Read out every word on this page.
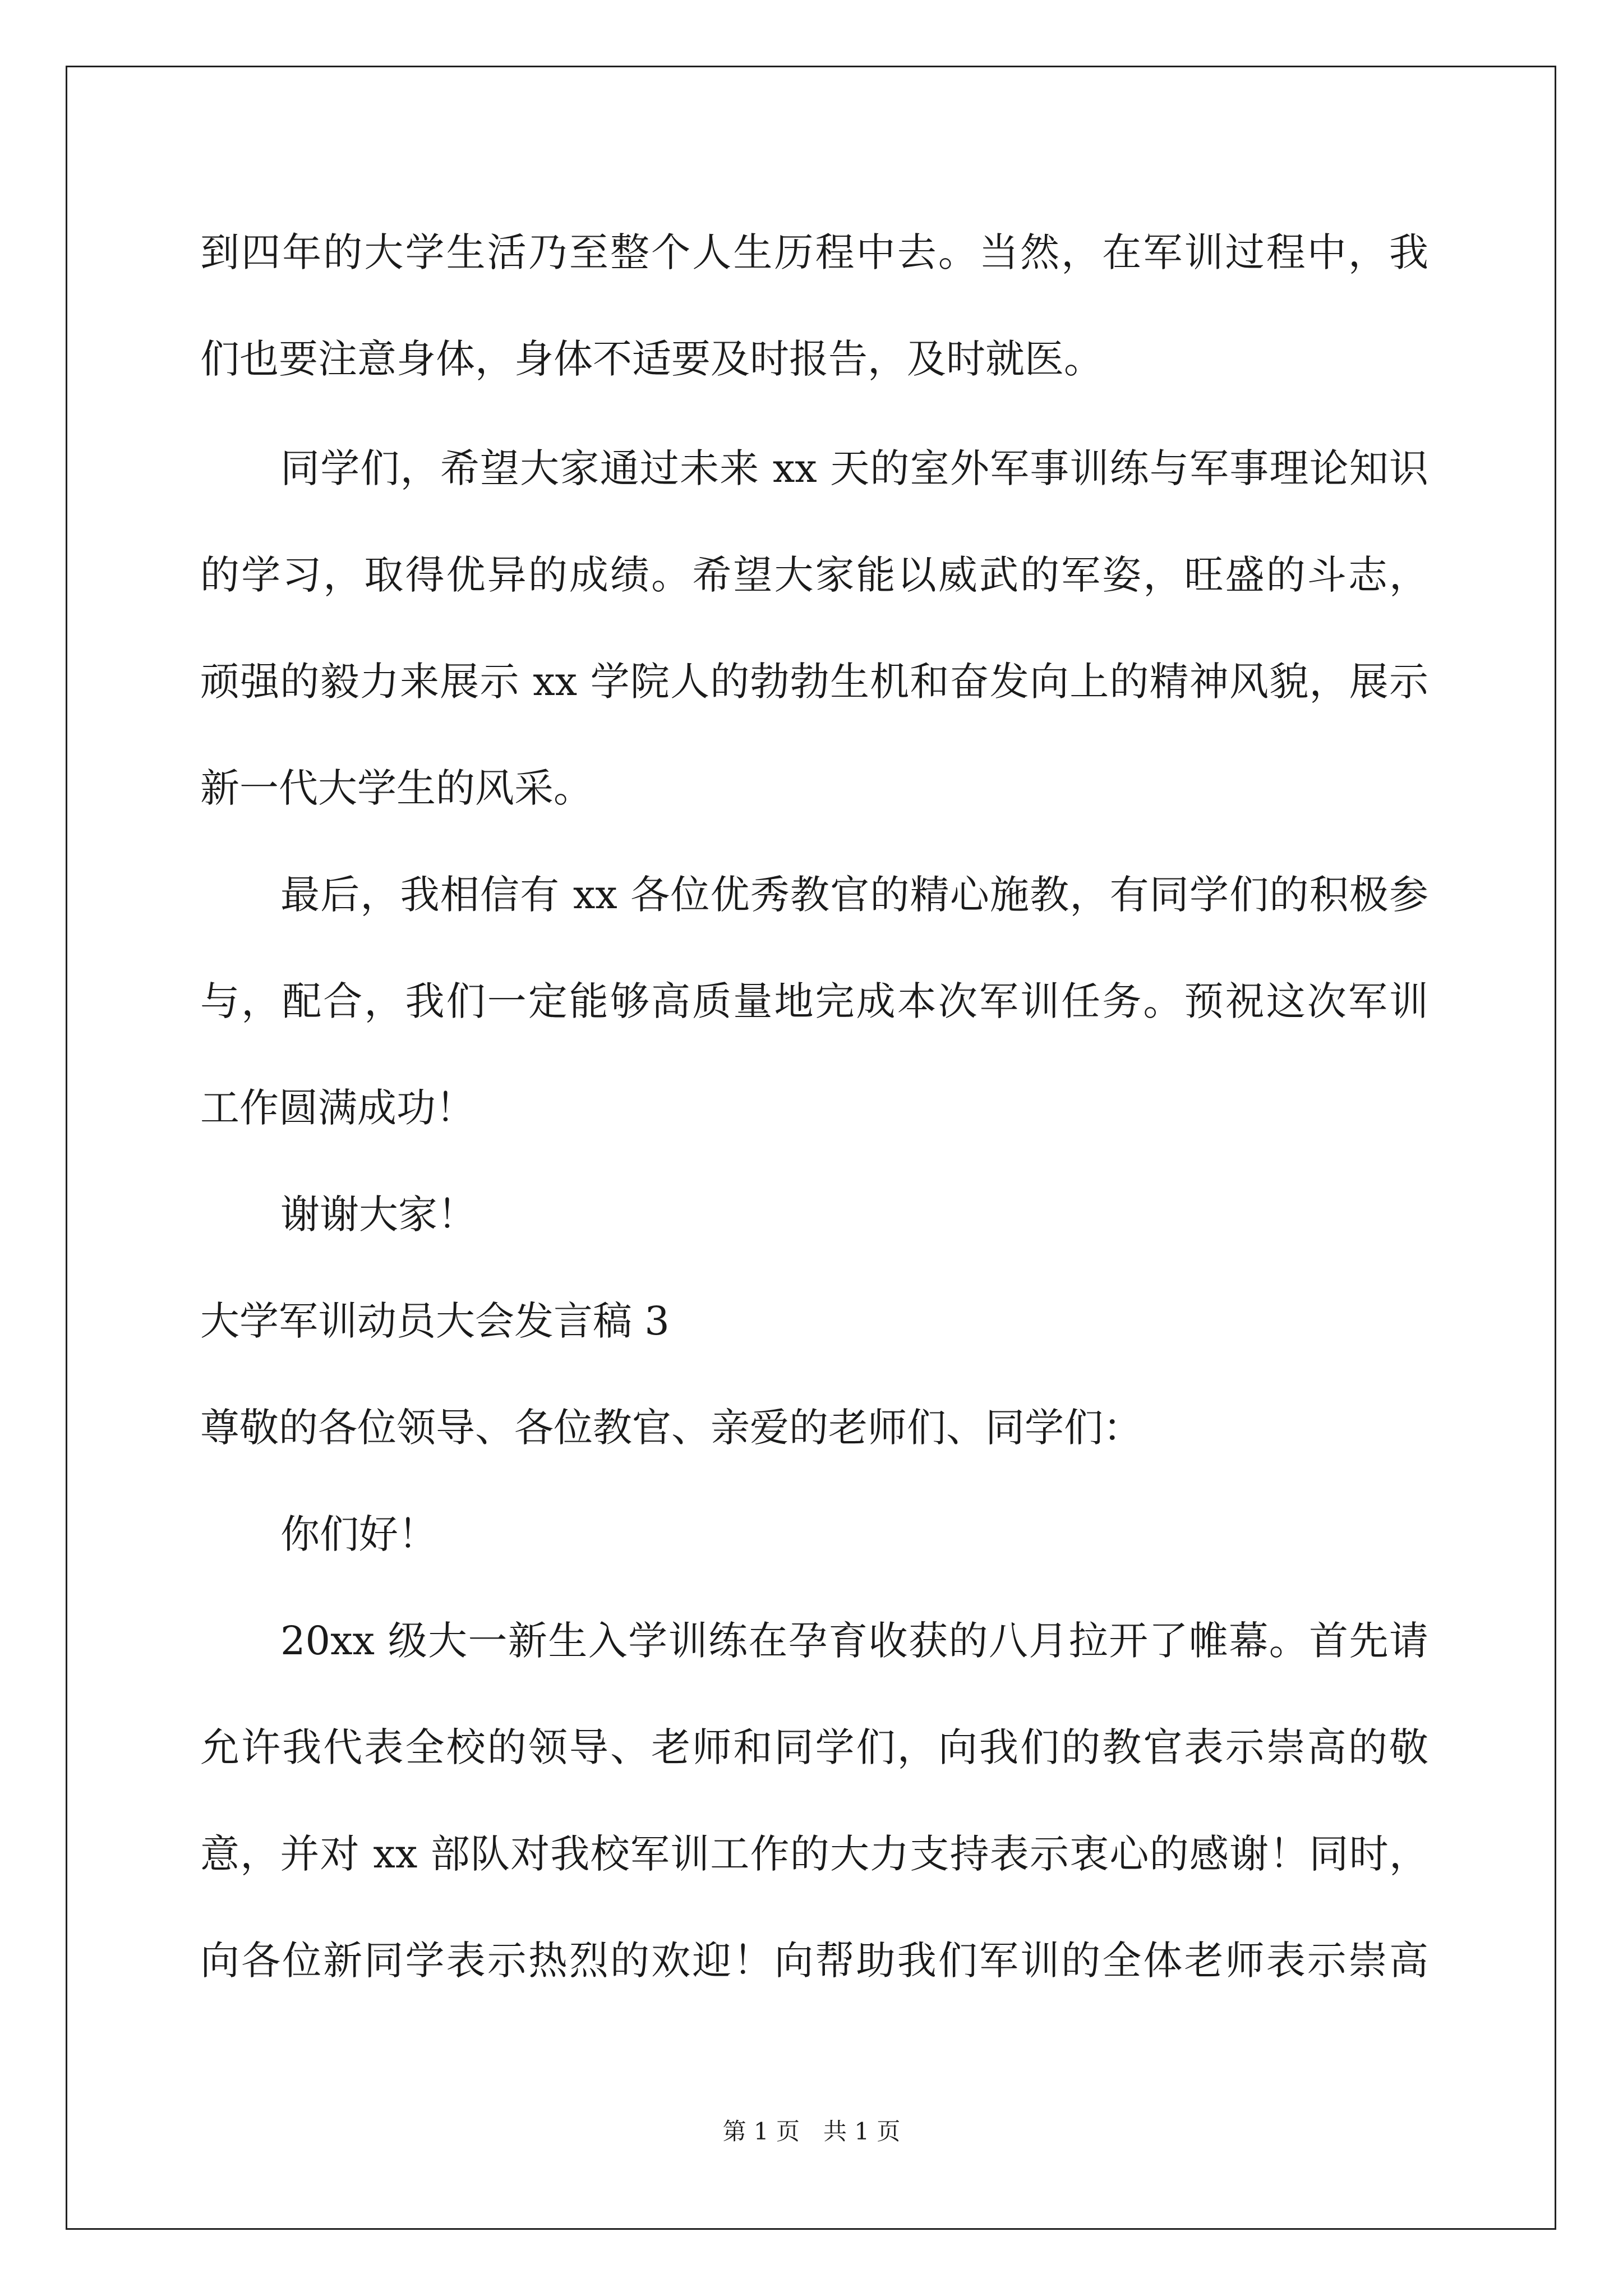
到四年的大学生活乃至整个人生历程中去。当然，在军训过程中，我
们也要注意身体，身体不适要及时报告，及时就医。
同学们，希望大家通过未来 xx 天的室外军事训练与军事理论知识
的学习，取得优异的成绩。希望大家能以威武的军姿，旺盛的斗志，
顽强的毅力来展示 xx 学院人的勃勃生机和奋发向上的精神风貌，展示
新一代大学生的风采。
最后，我相信有 xx 各位优秀教官的精心施教，有同学们的积极参
与，配合，我们一定能够高质量地完成本次军训任务。预祝这次军训
工作圆满成功！
谢谢大家！
大学军训动员大会发言稿 3
尊敬的各位领导、各位教官、亲爱的老师们、同学们：
你们好！
20xx 级大一新生入学训练在孕育收获的八月拉开了帷幕。首先请
允许我代表全校的领导、老师和同学们，向我们的教官表示崇高的敬
意，并对 xx 部队对我校军训工作的大力支持表示衷心的感谢！同时，
向各位新同学表示热烈的欢迎！向帮助我们军训的全体老师表示崇高
第 1 页　共 1 页
